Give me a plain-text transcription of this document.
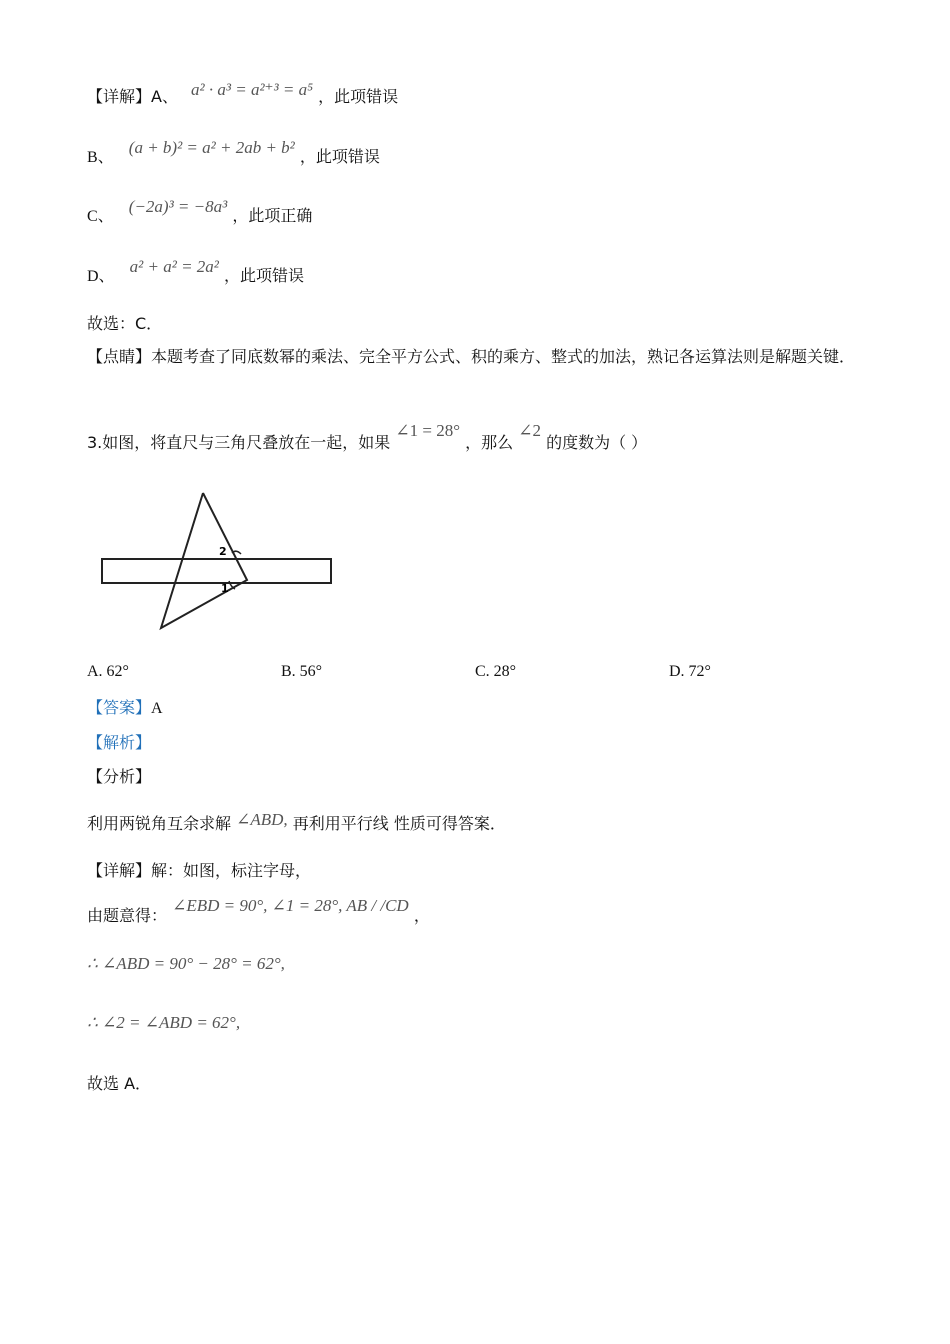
【详解】A、 a² · a³ = a²⁺³ = a⁵ ，此项错误
B、 (a + b)² = a² + 2ab + b² ，此项错误
C、 (−2a)³ = −8a³ ，此项正确
D、 a² + a² = 2a² ，此项错误
故选：C．
【点睛】本题考查了同底数幂的乘法、完全平方公式、积的乘方、整式的加法，熟记各运算法则是解题关键．
3.如图，将直尺与三角尺叠放在一起，如果 ∠1 = 28° ，那么 ∠2 的度数为（ ）
2
1
A. 62°	B. 56°	C. 28°	D. 72°
【答案】A
【解析】
【分析】
利用两锐角互余求解 ∠ABD, 再利用平行线 性质可得答案．
【详解】解：如图，标注字母，
由题意得： ∠EBD = 90°, ∠1 = 28°, AB / /CD ，
∴ ∠ABD = 90° − 28° = 62°,
∴ ∠2 = ∠ABD = 62°,
故选 A．
